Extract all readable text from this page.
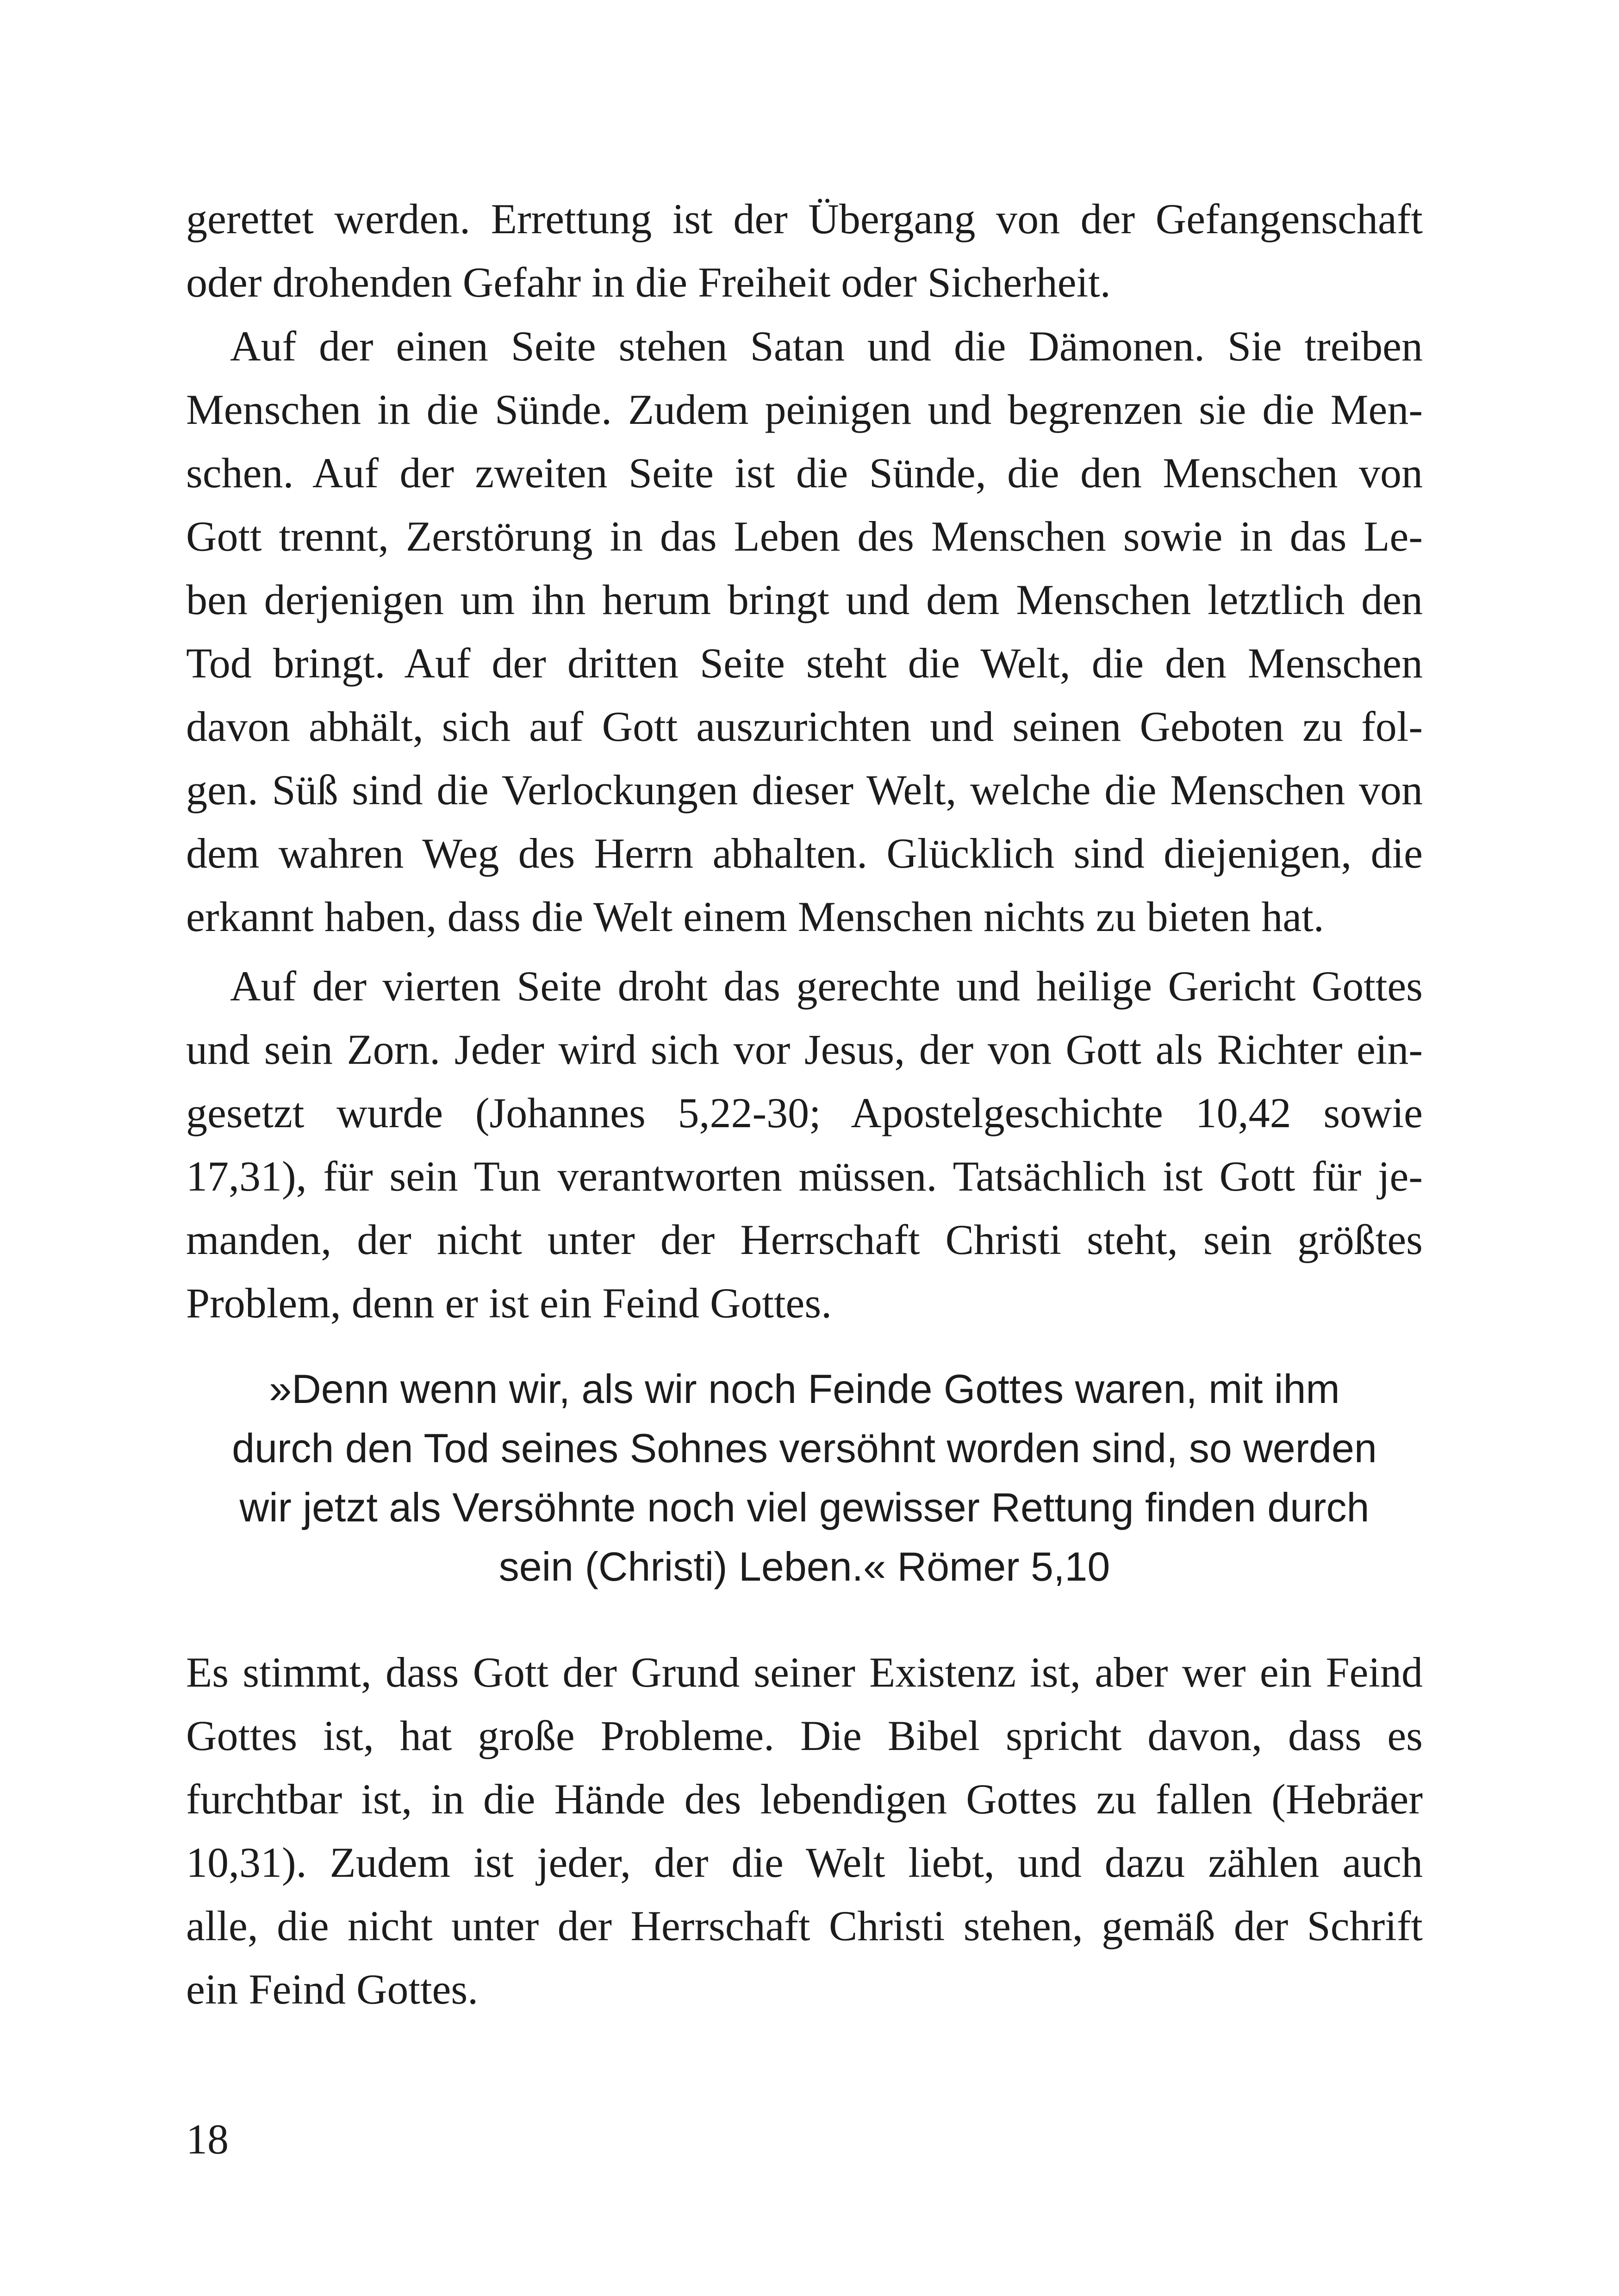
gerettet werden. Errettung ist der Übergang von der Gefangenschaft
oder drohenden Gefahr in die Freiheit oder Sicherheit.
Auf der einen Seite stehen Satan und die Dämonen. Sie treiben
Menschen in die Sünde. Zudem peinigen und begrenzen sie die Men-
schen. Auf der zweiten Seite ist die Sünde, die den Menschen von
Gott trennt, Zerstörung in das Leben des Menschen sowie in das Le-
ben derjenigen um ihn herum bringt und dem Menschen letztlich den
Tod bringt. Auf der dritten Seite steht die Welt, die den Menschen
davon abhält, sich auf Gott auszurichten und seinen Geboten zu fol-
gen. Süß sind die Verlockungen dieser Welt, welche die Menschen von
dem wahren Weg des Herrn abhalten. Glücklich sind diejenigen, die
erkannt haben, dass die Welt einem Menschen nichts zu bieten hat.
Auf der vierten Seite droht das gerechte und heilige Gericht Gottes
und sein Zorn. Jeder wird sich vor Jesus, der von Gott als Richter ein-
gesetzt wurde (Johannes 5,22-30; Apostelgeschichte 10,42 sowie
17,31), für sein Tun verantworten müssen. Tatsächlich ist Gott für je-
manden, der nicht unter der Herrschaft Christi steht, sein größtes
Problem, denn er ist ein Feind Gottes.
»Denn wenn wir, als wir noch Feinde Gottes waren, mit ihm
durch den Tod seines Sohnes versöhnt worden sind, so werden
wir jetzt als Versöhnte noch viel gewisser Rettung finden durch
sein (Christi) Leben.« Römer 5,10
Es stimmt, dass Gott der Grund seiner Existenz ist, aber wer ein Feind
Gottes ist, hat große Probleme. Die Bibel spricht davon, dass es
furchtbar ist, in die Hände des lebendigen Gottes zu fallen (Hebräer
10,31). Zudem ist jeder, der die Welt liebt, und dazu zählen auch
alle, die nicht unter der Herrschaft Christi stehen, gemäß der Schrift
ein Feind Gottes.
18
